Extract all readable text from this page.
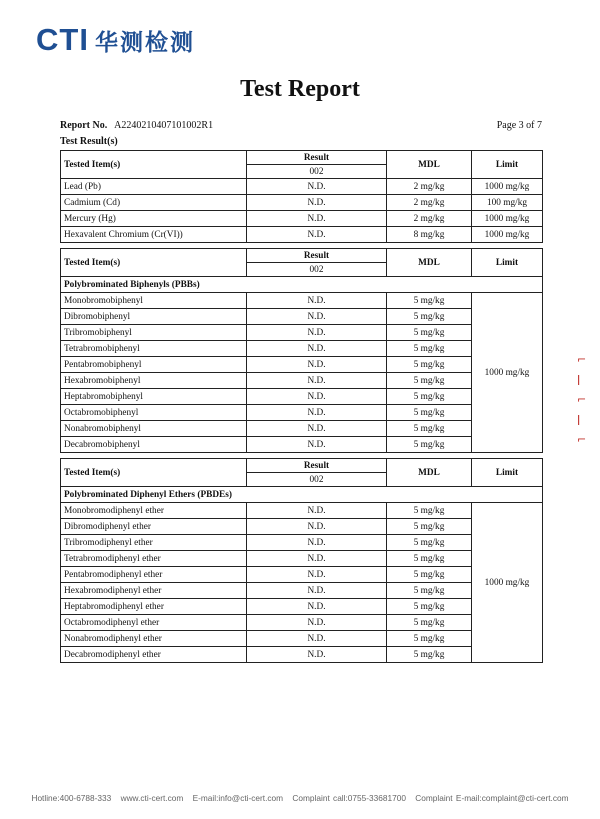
CTI 华测检测
Test Report
Report No. A2240210407101002R1	Page 3 of 7
Test Result(s)
Tested Item(s)	Result	MDL	Limit
	002		
Lead (Pb)	N.D.	2 mg/kg	1000 mg/kg
Cadmium (Cd)	N.D.	2 mg/kg	100 mg/kg
Mercury (Hg)	N.D.	2 mg/kg	1000 mg/kg
Hexavalent Chromium (Cr(VI))	N.D.	8 mg/kg	1000 mg/kg
Tested Item(s)	Result	MDL	Limit
	002		
Polybrominated Biphenyls (PBBs)			
Monobromobiphenyl	N.D.	5 mg/kg	1000 mg/kg
Dibromobiphenyl	N.D.	5 mg/kg	
Tribromobiphenyl	N.D.	5 mg/kg	
Tetrabromobiphenyl	N.D.	5 mg/kg	
Pentabromobiphenyl	N.D.	5 mg/kg	
Hexabromobiphenyl	N.D.	5 mg/kg	
Heptabromobiphenyl	N.D.	5 mg/kg	
Octabromobiphenyl	N.D.	5 mg/kg	
Nonabromobiphenyl	N.D.	5 mg/kg	
Decabromobiphenyl	N.D.	5 mg/kg	
Tested Item(s)	Result	MDL	Limit
	002		
Polybrominated Diphenyl Ethers (PBDEs)			
Monobromodiphenyl ether	N.D.	5 mg/kg	1000 mg/kg
Dibromodiphenyl ether	N.D.	5 mg/kg	
Tribromodiphenyl ether	N.D.	5 mg/kg	
Tetrabromodiphenyl ether	N.D.	5 mg/kg	
Pentabromodiphenyl ether	N.D.	5 mg/kg	
Hexabromodiphenyl ether	N.D.	5 mg/kg	
Heptabromodiphenyl ether	N.D.	5 mg/kg	
Octabromodiphenyl ether	N.D.	5 mg/kg	
Nonabromodiphenyl ether	N.D.	5 mg/kg	
Decabromodiphenyl ether	N.D.	5 mg/kg	
⌐
ǀ
⌐
ǀ
⌐
Hotline:400-6788-333 www.cti-cert.com E-mail:info@cti-cert.com Complaint call:0755-33681700 Complaint E-mail:complaint@cti-cert.com
